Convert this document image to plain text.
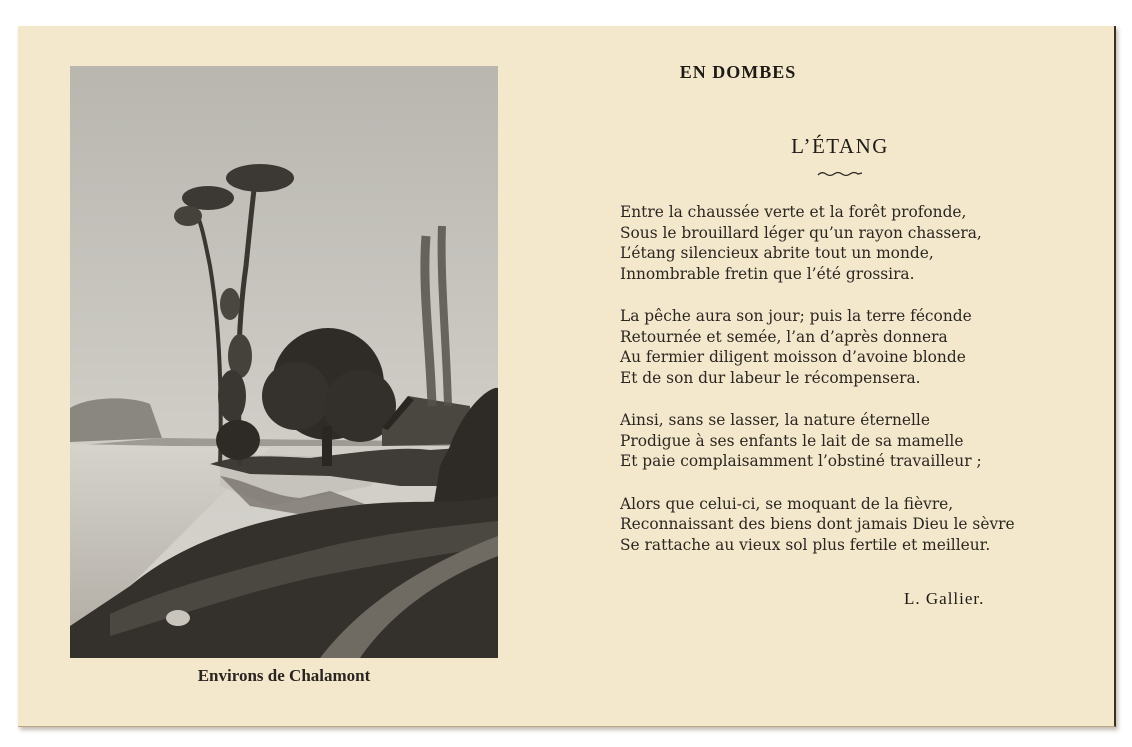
Environs de Chalamont
EN DOMBES
L’ÉTANG
Entre la chaussée verte et la forêt profonde,
Sous le brouillard léger qu’un rayon chassera,
L’étang silencieux abrite tout un monde,
Innombrable fretin que l’été grossira.
La pêche aura son jour; puis la terre féconde
Retournée et semée, l’an d’après donnera
Au fermier diligent moisson d’avoine blonde
Et de son dur labeur le récompensera.
Ainsi, sans se lasser, la nature éternelle
Prodigue à ses enfants le lait de sa mamelle
Et paie complaisamment l’obstiné travailleur ;
Alors que celui-ci, se moquant de la fièvre,
Reconnaissant des biens dont jamais Dieu le sèvre
Se rattache au vieux sol plus fertile et meilleur.
L. Gallier.
